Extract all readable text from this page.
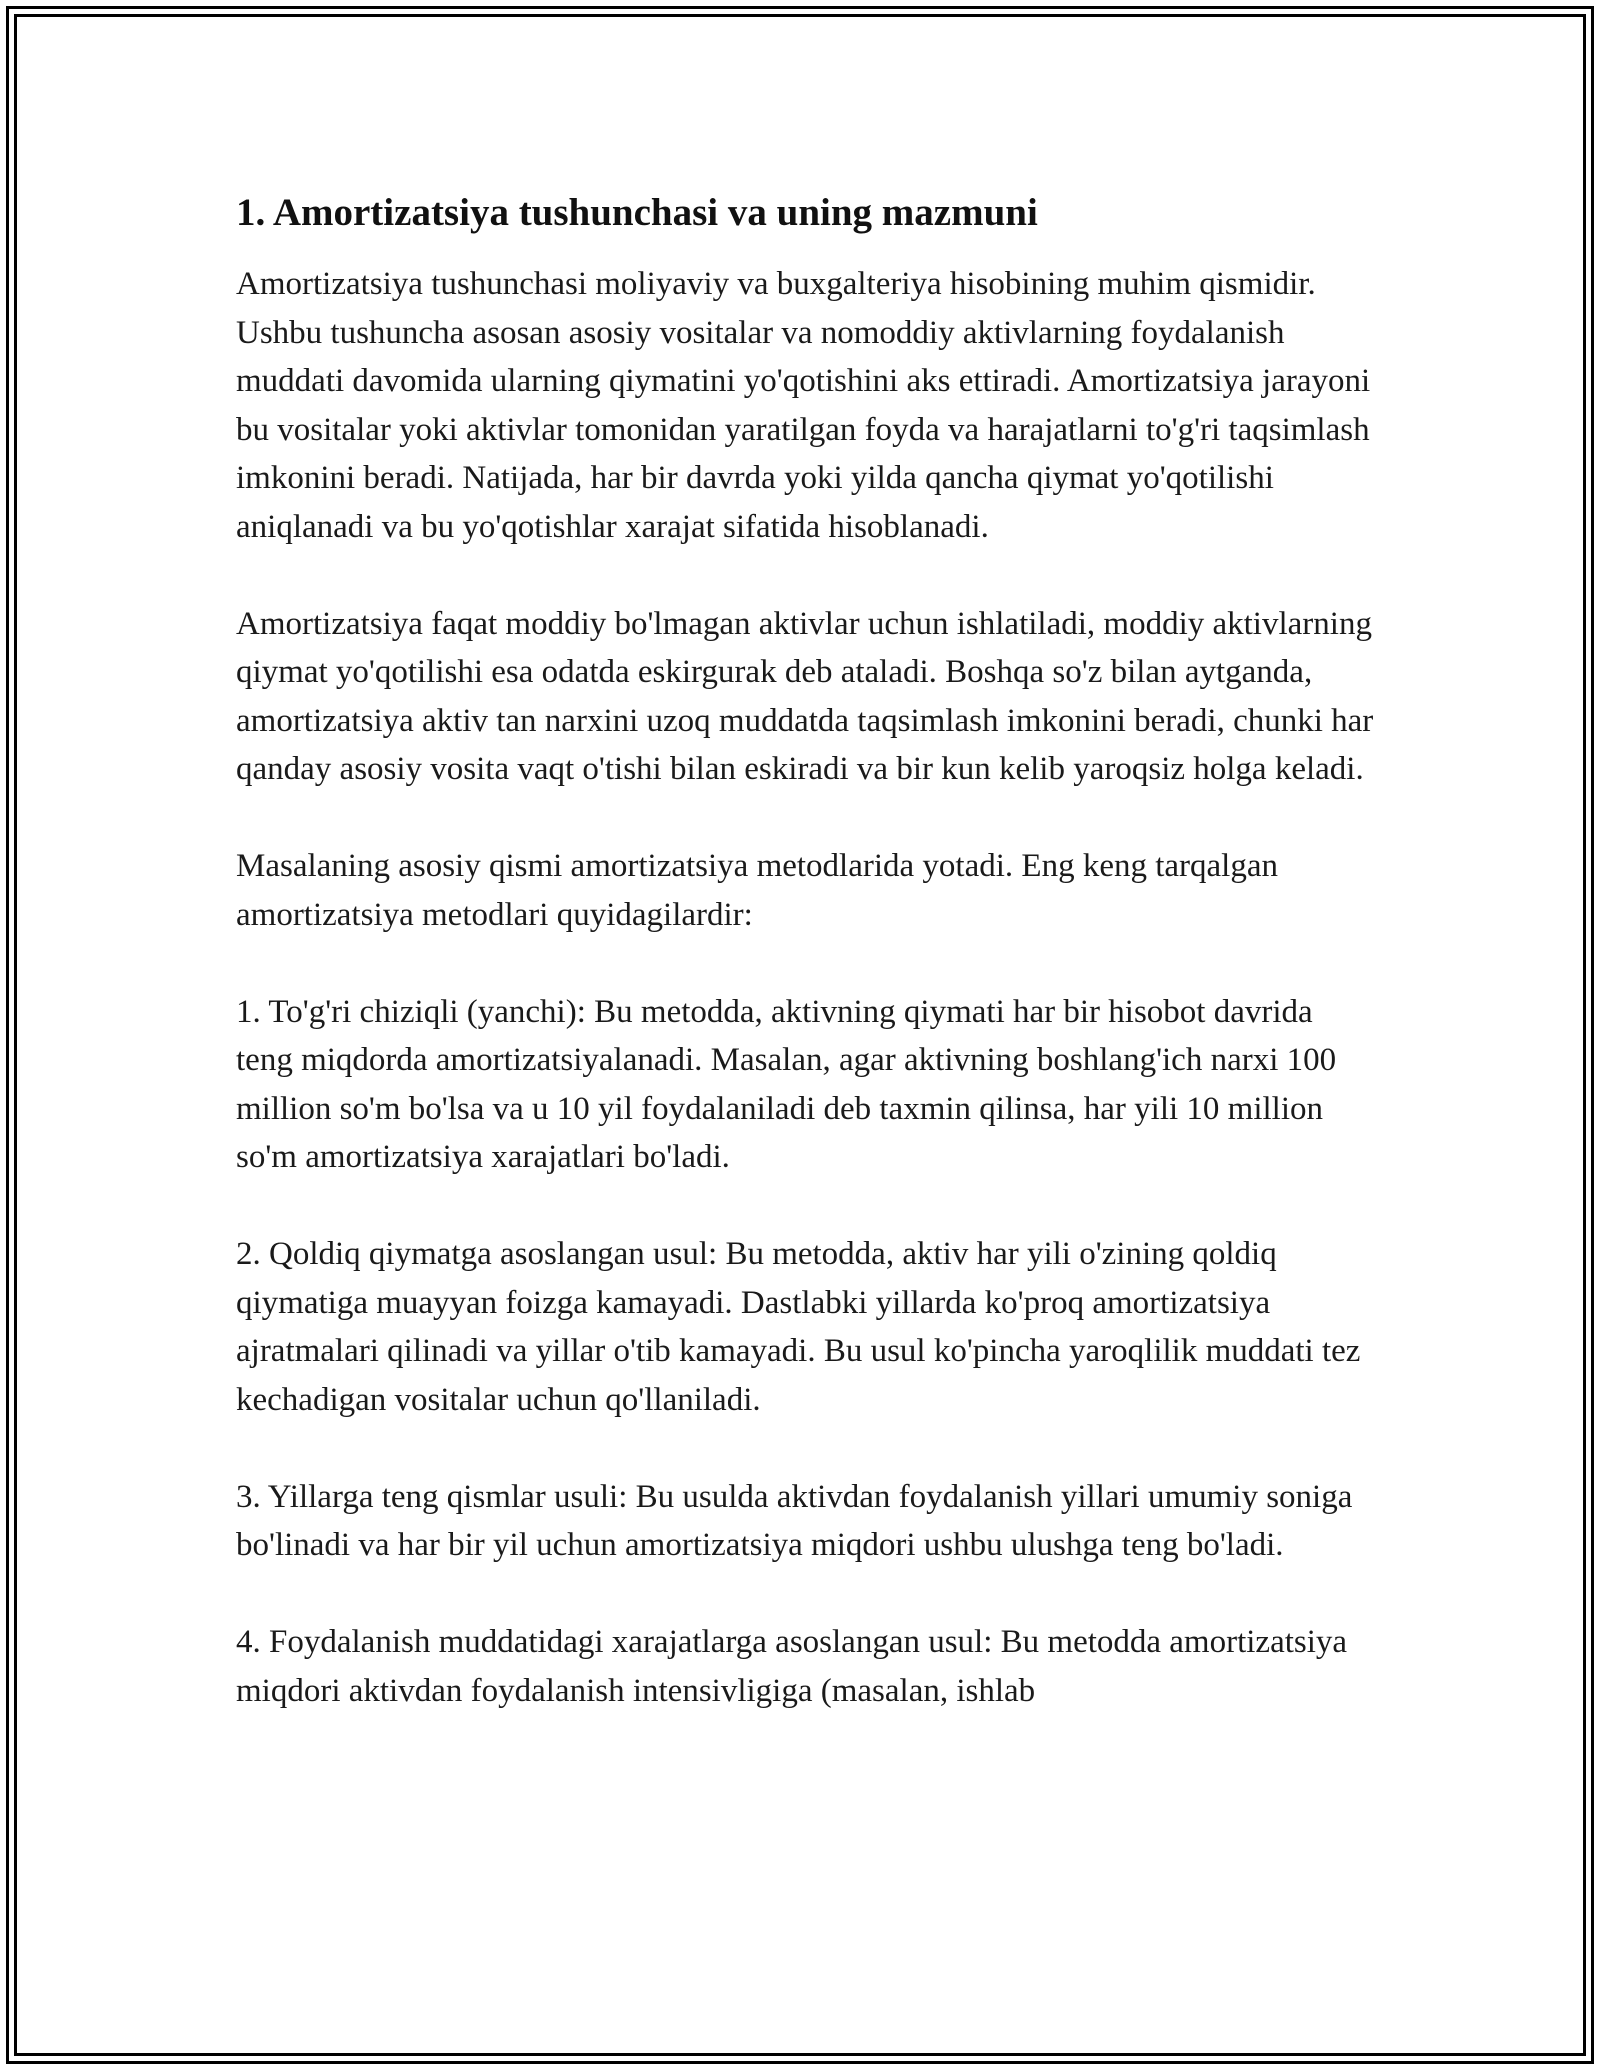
1. Amortizatsiya tushunchasi va uning mazmuni

Amortizatsiya tushunchasi moliyaviy va buxgalteriya hisobining muhim qismidir. Ushbu tushuncha asosan asosiy vositalar va nomoddiy aktivlarning foydalanish muddati davomida ularning qiymatini yo'qotishini aks ettiradi. Amortizatsiya jarayoni bu vositalar yoki aktivlar tomonidan yaratilgan foyda va harajatlarni to'g'ri taqsimlash imkonini beradi. Natijada, har bir davrda yoki yilda qancha qiymat yo'qotilishi aniqlanadi va bu yo'qotishlar xarajat sifatida hisoblanadi.

Amortizatsiya faqat moddiy bo'lmagan aktivlar uchun ishlatiladi, moddiy aktivlarning qiymat yo'qotilishi esa odatda eskirgurak deb ataladi. Boshqa so'z bilan aytganda, amortizatsiya aktiv tan narxini uzoq muddatda taqsimlash imkonini beradi, chunki har qanday asosiy vosita vaqt o'tishi bilan eskiradi va bir kun kelib yaroqsiz holga keladi.

Masalaning asosiy qismi amortizatsiya metodlarida yotadi. Eng keng tarqalgan amortizatsiya metodlari quyidagilardir:

1. To'g'ri chiziqli (yanchi): Bu metodda, aktivning qiymati har bir hisobot davrida teng miqdorda amortizatsiyalanadi. Masalan, agar aktivning boshlang'ich narxi 100 million so'm bo'lsa va u 10 yil foydalaniladi deb taxmin qilinsa, har yili 10 million so'm amortizatsiya xarajatlari bo'ladi.

2. Qoldiq qiymatga asoslangan usul: Bu metodda, aktiv har yili o'zining qoldiq qiymatiga muayyan foizga kamayadi. Dastlabki yillarda ko'proq amortizatsiya ajratmalari qilinadi va yillar o'tib kamayadi. Bu usul ko'pincha yaroqlilik muddati tez kechadigan vositalar uchun qo'llaniladi.

3. Yillarga teng qismlar usuli: Bu usulda aktivdan foydalanish yillari umumiy soniga bo'linadi va har bir yil uchun amortizatsiya miqdori ushbu ulushga teng bo'ladi.

4. Foydalanish muddatidagi xarajatlarga asoslangan usul: Bu metodda amortizatsiya miqdori aktivdan foydalanish intensivligiga (masalan, ishlab
